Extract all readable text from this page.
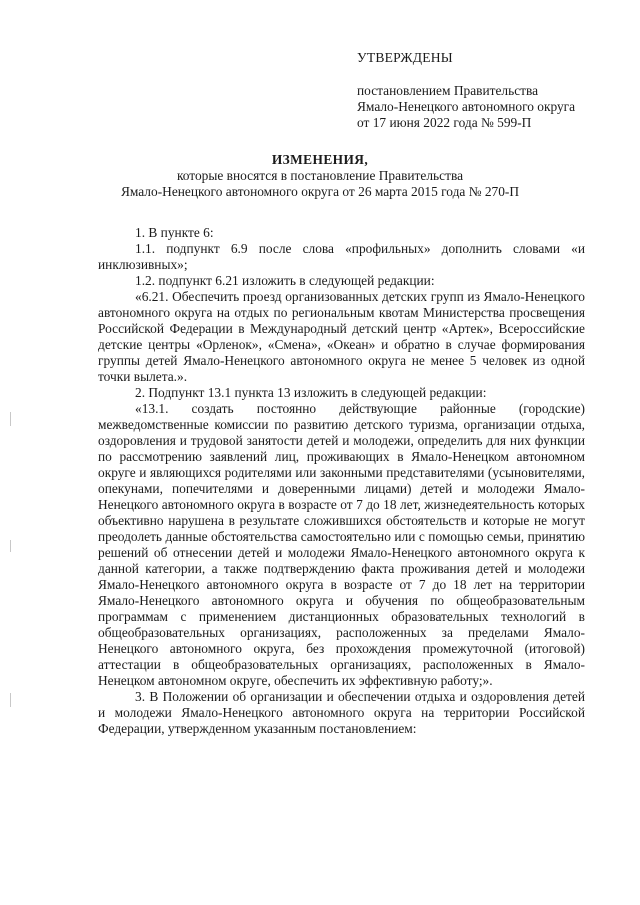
УТВЕРЖДЕНЫ
постановлением Правительства
Ямало-Ненецкого автономного округа
от 17 июня 2022 года № 599-П
ИЗМЕНЕНИЯ,
которые вносятся в постановление Правительства
Ямало-Ненецкого автономного округа от 26 марта 2015 года № 270-П

1. В пункте 6:

1.1. подпункт 6.9 после слова «профильных» дополнить словами «и инклюзивных»;

1.2. подпункт 6.21 изложить в следующей редакции:

«6.21. Обеспечить проезд организованных детских групп из Ямало-Ненецкого автономного округа на отдых по региональным квотам Министерства просвещения Российской Федерации в Международный детский центр «Артек», Всероссийские детские центры «Орленок», «Смена», «Океан» и обратно в случае формирования группы детей Ямало-Ненецкого автономного округа не менее 5 человек из одной точки вылета.».

2. Подпункт 13.1 пункта 13 изложить в следующей редакции:

«13.1. создать постоянно действующие районные (городские) межведомственные комиссии по развитию детского туризма, организации отдыха, оздоровления и трудовой занятости детей и молодежи, определить для них функции по рассмотрению заявлений лиц, проживающих в Ямало-Ненецком автономном округе и являющихся родителями или законными представителями (усыновителями, опекунами, попечителями и доверенными лицами) детей и молодежи Ямало-Ненецкого автономного округа в возрасте от 7 до 18 лет, жизнедеятельность которых объективно нарушена в результате сложившихся обстоятельств и которые не могут преодолеть данные обстоятельства самостоятельно или с помощью семьи, принятию решений об отнесении детей и молодежи Ямало-Ненецкого автономного округа к данной категории, а также подтверждению факта проживания детей и молодежи Ямало-Ненецкого автономного округа в возрасте от 7 до 18 лет на территории Ямало-Ненецкого автономного округа и обучения по общеобразовательным программам с применением дистанционных образовательных технологий в общеобразовательных организациях, расположенных за пределами Ямало-Ненецкого автономного округа, без прохождения промежуточной (итоговой) аттестации в общеобразовательных организациях, расположенных в Ямало-Ненецком автономном округе, обеспечить их эффективную работу;».

3. В Положении об организации и обеспечении отдыха и оздоровления детей и молодежи Ямало-Ненецкого автономного округа на территории Российской Федерации, утвержденном указанным постановлением:
